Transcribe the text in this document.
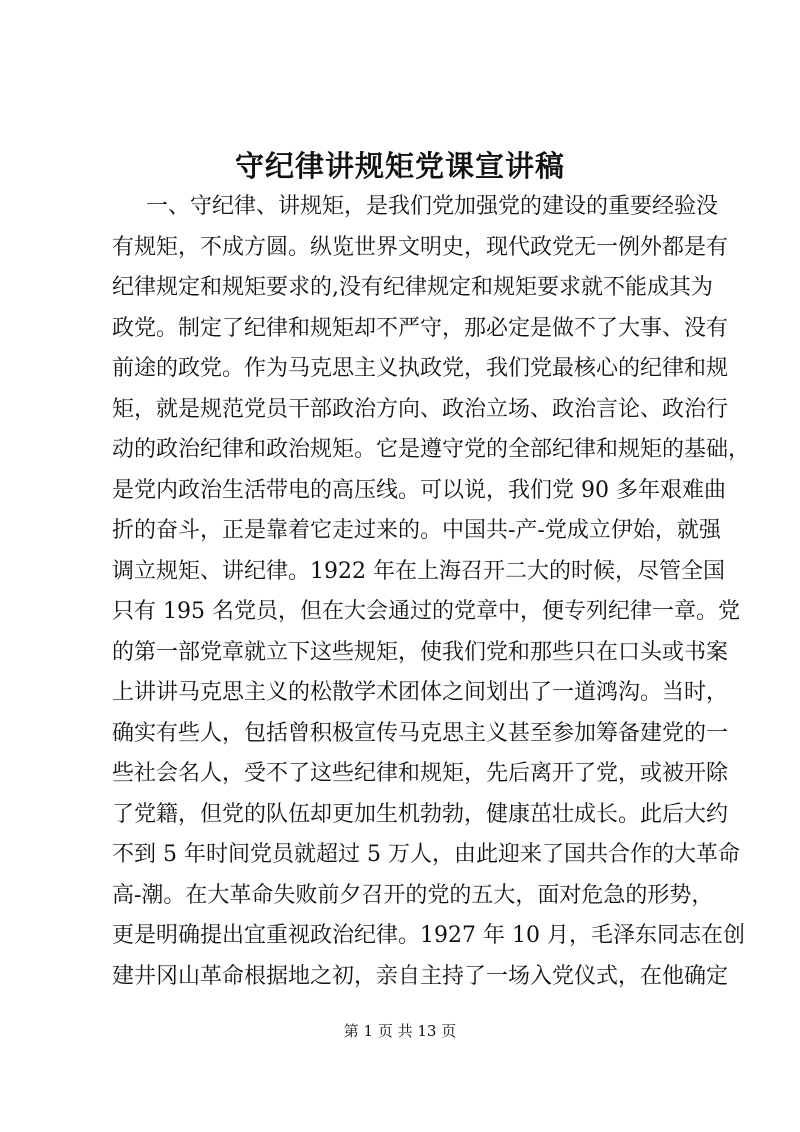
守纪律讲规矩党课宣讲稿
一、守纪律、讲规矩，是我们党加强党的建设的重要经验没
有规矩，不成方圆。纵览世界文明史，现代政党无一例外都是有
纪律规定和规矩要求的,没有纪律规定和规矩要求就不能成其为
政党。制定了纪律和规矩却不严守，那必定是做不了大事、没有
前途的政党。作为马克思主义执政党，我们党最核心的纪律和规
矩，就是规范党员干部政治方向、政治立场、政治言论、政治行
动的政治纪律和政治规矩。它是遵守党的全部纪律和规矩的基础，
是党内政治生活带电的高压线。可以说，我们党 90 多年艰难曲
折的奋斗，正是靠着它走过来的。中国共-产-党成立伊始，就强
调立规矩、讲纪律。1922 年在上海召开二大的时候，尽管全国
只有 195 名党员，但在大会通过的党章中，便专列纪律一章。党
的第一部党章就立下这些规矩，使我们党和那些只在口头或书案
上讲讲马克思主义的松散学术团体之间划出了一道鸿沟。当时，
确实有些人，包括曾积极宣传马克思主义甚至参加筹备建党的一
些社会名人，受不了这些纪律和规矩，先后离开了党，或被开除
了党籍，但党的队伍却更加生机勃勃，健康茁壮成长。此后大约
不到 5 年时间党员就超过 5 万人，由此迎来了国共合作的大革命
高-潮。在大革命失败前夕召开的党的五大，面对危急的形势，
更是明确提出宜重视政治纪律。1927 年 10 月，毛泽东同志在创
建井冈山革命根据地之初，亲自主持了一场入党仪式，在他确定

第 1 页 共 13 页
